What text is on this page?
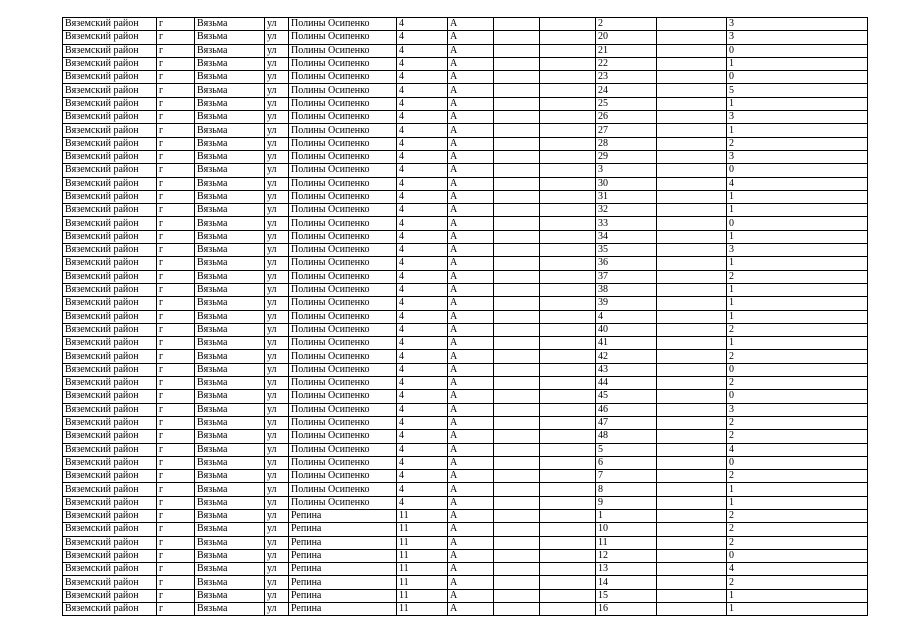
Вяземский район	г	Вязьма	ул	Полины Осипенко	4	А			2		3
Вяземский район	г	Вязьма	ул	Полины Осипенко	4	А			20		3
Вяземский район	г	Вязьма	ул	Полины Осипенко	4	А			21		0
Вяземский район	г	Вязьма	ул	Полины Осипенко	4	А			22		1
Вяземский район	г	Вязьма	ул	Полины Осипенко	4	А			23		0
Вяземский район	г	Вязьма	ул	Полины Осипенко	4	А			24		5
Вяземский район	г	Вязьма	ул	Полины Осипенко	4	А			25		1
Вяземский район	г	Вязьма	ул	Полины Осипенко	4	А			26		3
Вяземский район	г	Вязьма	ул	Полины Осипенко	4	А			27		1
Вяземский район	г	Вязьма	ул	Полины Осипенко	4	А			28		2
Вяземский район	г	Вязьма	ул	Полины Осипенко	4	А			29		3
Вяземский район	г	Вязьма	ул	Полины Осипенко	4	А			3		0
Вяземский район	г	Вязьма	ул	Полины Осипенко	4	А			30		4
Вяземский район	г	Вязьма	ул	Полины Осипенко	4	А			31		1
Вяземский район	г	Вязьма	ул	Полины Осипенко	4	А			32		1
Вяземский район	г	Вязьма	ул	Полины Осипенко	4	А			33		0
Вяземский район	г	Вязьма	ул	Полины Осипенко	4	А			34		1
Вяземский район	г	Вязьма	ул	Полины Осипенко	4	А			35		3
Вяземский район	г	Вязьма	ул	Полины Осипенко	4	А			36		1
Вяземский район	г	Вязьма	ул	Полины Осипенко	4	А			37		2
Вяземский район	г	Вязьма	ул	Полины Осипенко	4	А			38		1
Вяземский район	г	Вязьма	ул	Полины Осипенко	4	А			39		1
Вяземский район	г	Вязьма	ул	Полины Осипенко	4	А			4		1
Вяземский район	г	Вязьма	ул	Полины Осипенко	4	А			40		2
Вяземский район	г	Вязьма	ул	Полины Осипенко	4	А			41		1
Вяземский район	г	Вязьма	ул	Полины Осипенко	4	А			42		2
Вяземский район	г	Вязьма	ул	Полины Осипенко	4	А			43		0
Вяземский район	г	Вязьма	ул	Полины Осипенко	4	А			44		2
Вяземский район	г	Вязьма	ул	Полины Осипенко	4	А			45		0
Вяземский район	г	Вязьма	ул	Полины Осипенко	4	А			46		3
Вяземский район	г	Вязьма	ул	Полины Осипенко	4	А			47		2
Вяземский район	г	Вязьма	ул	Полины Осипенко	4	А			48		2
Вяземский район	г	Вязьма	ул	Полины Осипенко	4	А			5		4
Вяземский район	г	Вязьма	ул	Полины Осипенко	4	А			6		0
Вяземский район	г	Вязьма	ул	Полины Осипенко	4	А			7		2
Вяземский район	г	Вязьма	ул	Полины Осипенко	4	А			8		1
Вяземский район	г	Вязьма	ул	Полины Осипенко	4	А			9		1
Вяземский район	г	Вязьма	ул	Репина	11	А			1		2
Вяземский район	г	Вязьма	ул	Репина	11	А			10		2
Вяземский район	г	Вязьма	ул	Репина	11	А			11		2
Вяземский район	г	Вязьма	ул	Репина	11	А			12		0
Вяземский район	г	Вязьма	ул	Репина	11	А			13		4
Вяземский район	г	Вязьма	ул	Репина	11	А			14		2
Вяземский район	г	Вязьма	ул	Репина	11	А			15		1
Вяземский район	г	Вязьма	ул	Репина	11	А			16		1
